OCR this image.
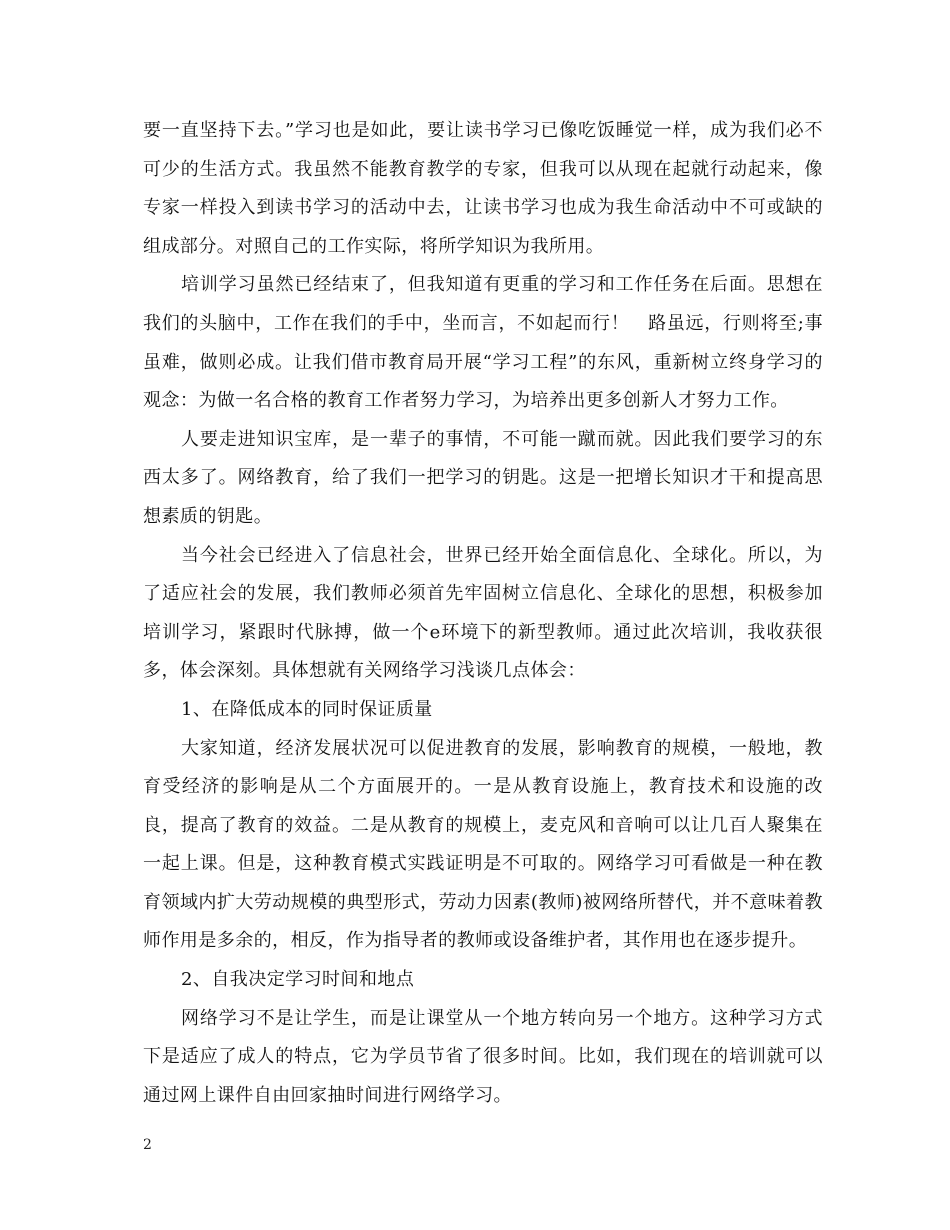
要一直坚持下去。”学习也是如此，要让读书学习已像吃饭睡觉一样，成为我们必不可少的生活方式。我虽然不能教育教学的专家，但我可以从现在起就行动起来，像专家一样投入到读书学习的活动中去，让读书学习也成为我生命活动中不可或缺的组成部分。对照自己的工作实际，将所学知识为我所用。

培训学习虽然已经结束了，但我知道有更重的学习和工作任务在后面。思想在我们的头脑中，工作在我们的手中，坐而言，不如起而行！　路虽远，行则将至;事虽难，做则必成。让我们借市教育局开展“学习工程”的东风，重新树立终身学习的观念：为做一名合格的教育工作者努力学习，为培养出更多创新人才努力工作。

人要走进知识宝库，是一辈子的事情，不可能一蹴而就。因此我们要学习的东西太多了。网络教育，给了我们一把学习的钥匙。这是一把增长知识才干和提高思想素质的钥匙。

当今社会已经进入了信息社会，世界已经开始全面信息化、全球化。所以，为了适应社会的发展，我们教师必须首先牢固树立信息化、全球化的思想，积极参加培训学习，紧跟时代脉搏，做一个e环境下的新型教师。通过此次培训，我收获很多，体会深刻。具体想就有关网络学习浅谈几点体会：

1、在降低成本的同时保证质量

大家知道，经济发展状况可以促进教育的发展，影响教育的规模，一般地，教育受经济的影响是从二个方面展开的。一是从教育设施上，教育技术和设施的改良，提高了教育的效益。二是从教育的规模上，麦克风和音响可以让几百人聚集在一起上课。但是，这种教育模式实践证明是不可取的。网络学习可看做是一种在教育领域内扩大劳动规模的典型形式，劳动力因素(教师)被网络所替代，并不意味着教师作用是多余的，相反，作为指导者的教师或设备维护者，其作用也在逐步提升。

2、自我决定学习时间和地点

网络学习不是让学生，而是让课堂从一个地方转向另一个地方。这种学习方式下是适应了成人的特点，它为学员节省了很多时间。比如，我们现在的培训就可以通过网上课件自由回家抽时间进行网络学习。

2
